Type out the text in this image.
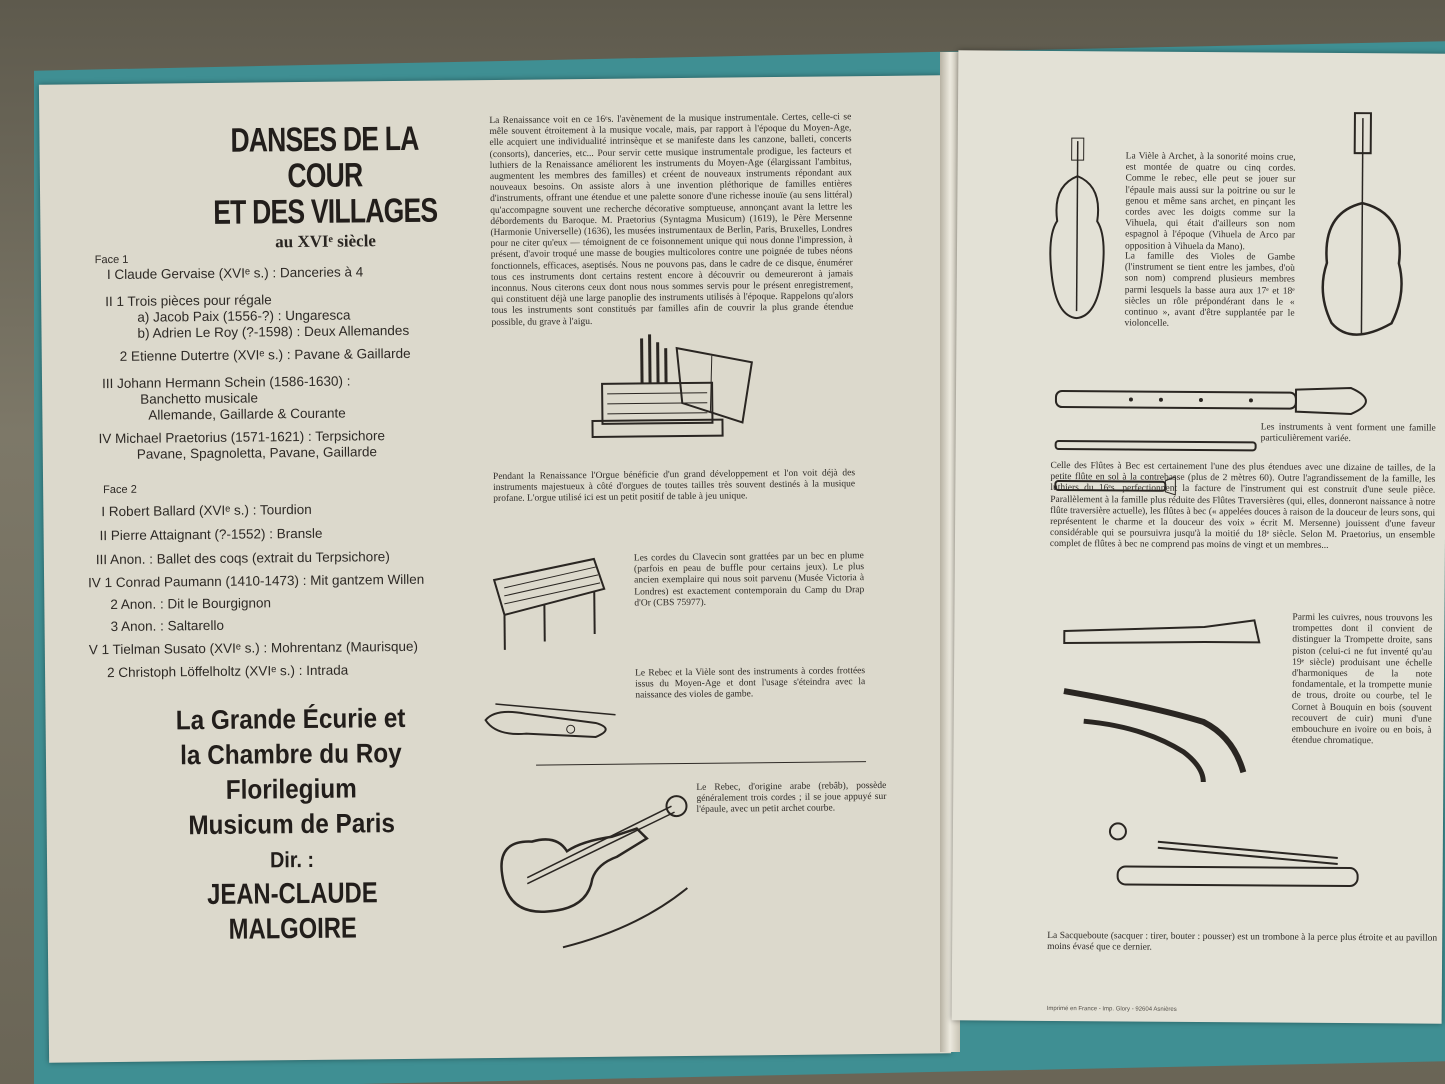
DANSES DE LA COUR
ET DES VILLAGES
au XVIᵉ siècle
Face 1
I Claude Gervaise (XVIᵉ s.) : Danceries à 4
II 1 Trois pièces pour régale
a) Jacob Paix (1556-?) : Ungaresca
b) Adrien Le Roy (?-1598) : Deux Allemandes
2 Etienne Dutertre (XVIᵉ s.) : Pavane & Gaillarde
III Johann Hermann Schein (1586-1630) :
Banchetto musicale
Allemande, Gaillarde & Courante
IV Michael Praetorius (1571-1621) : Terpsichore
Pavane, Spagnoletta, Pavane, Gaillarde
Face 2
I Robert Ballard (XVIᵉ s.) : Tourdion
II Pierre Attaignant (?-1552) : Bransle
III Anon. : Ballet des coqs (extrait du Terpsichore)
IV 1 Conrad Paumann (1410-1473) : Mit gantzem Willen
2 Anon. : Dit le Bourgignon
3 Anon. : Saltarello
V 1 Tielman Susato (XVIᵉ s.) : Mohrentanz (Maurisque)
2 Christoph Löffelholtz (XVIᵉ s.) : Intrada
La Grande Écurie et
la Chambre du Roy
Florilegium
Musicum de Paris
Dir. :
JEAN-CLAUDE MALGOIRE
La Renaissance voit en ce 16ᵉs. l'avènement de la musique instrumentale. Certes, celle-ci se mêle souvent étroitement à la musique vocale, mais, par rapport à l'époque du Moyen-Age, elle acquiert une individualité intrinsèque et se manifeste dans les canzone, balleti, concerts (consorts), danceries, etc... Pour servir cette musique instrumentale prodigue, les facteurs et luthiers de la Renaissance améliorent les instruments du Moyen-Age (élargissant l'ambitus, augmentent les membres des familles) et créent de nouveaux instruments répondant aux nouveaux besoins. On assiste alors à une invention pléthorique de familles entières d'instruments, offrant une étendue et une palette sonore d'une richesse inouïe (au sens littéral) qu'accompagne souvent une recherche décorative somptueuse, annonçant avant la lettre les débordements du Baroque. M. Praetorius (Syntagma Musicum) (1619), le Père Mersenne (Harmonie Universelle) (1636), les musées instrumentaux de Berlin, Paris, Bruxelles, Londres pour ne citer qu'eux — témoignent de ce foisonnement unique qui nous donne l'impression, à présent, d'avoir troqué une masse de bougies multicolores contre une poignée de tubes néons fonctionnels, efficaces, aseptisés. Nous ne pouvons pas, dans le cadre de ce disque, énumérer tous ces instruments dont certains restent encore à découvrir ou demeureront à jamais inconnus. Nous citerons ceux dont nous nous sommes servis pour le présent enregistrement, qui constituent déjà une large panoplie des instruments utilisés à l'époque. Rappelons qu'alors tous les instruments sont constitués par familles afin de couvrir la plus grande étendue possible, du grave à l'aigu.
Pendant la Renaissance l'Orgue bénéficie d'un grand développement et l'on voit déjà des instruments majestueux à côté d'orgues de toutes tailles très souvent destinés à la musique profane. L'orgue utilisé ici est un petit positif de table à jeu unique.
Les cordes du Clavecin sont grattées par un bec en plume (parfois en peau de buffle pour certains jeux). Le plus ancien exemplaire qui nous soit parvenu (Musée Victoria à Londres) est exactement contemporain du Camp du Drap d'Or (CBS 75977).
Le Rebec et la Vièle sont des instruments à cordes frottées issus du Moyen-Age et dont l'usage s'éteindra avec la naissance des violes de gambe.
Le Rebec, d'origine arabe (rebâb), possède généralement trois cordes ; il se joue appuyé sur l'épaule, avec un petit archet courbe.
La Vièle à Archet, à la sonorité moins crue, est montée de quatre ou cinq cordes. Comme le rebec, elle peut se jouer sur l'épaule mais aussi sur la poitrine ou sur le genou et même sans archet, en pinçant les cordes avec les doigts comme sur la Vihuela, qui était d'ailleurs son nom espagnol à l'époque (Vihuela de Arco par opposition à Vihuela da Mano).
La famille des Violes de Gambe (l'instrument se tient entre les jambes, d'où son nom) comprend plusieurs membres parmi lesquels la basse aura aux 17ᵉ et 18ᵉ siècles un rôle prépondérant dans le « continuo », avant d'être supplantée par le violoncelle.
Les instruments à vent forment une famille particulièrement variée.
Celle des Flûtes à Bec est certainement l'une des plus étendues avec une dizaine de tailles, de la petite flûte en sol à la contrebasse (plus de 2 mètres 60). Outre l'agrandissement de la famille, les luthiers du 16ᵉs. perfectionnent la facture de l'instrument qui est construit d'une seule pièce. Parallèlement à la famille plus réduite des Flûtes Traversières (qui, elles, donneront naissance à notre flûte traversière actuelle), les flûtes à bec (« appelées douces à raison de la douceur de leurs sons, qui représentent le charme et la douceur des voix » écrit M. Mersenne) jouissent d'une faveur considérable qui se poursuivra jusqu'à la moitié du 18ᵉ siècle. Selon M. Praetorius, un ensemble complet de flûtes à bec ne comprend pas moins de vingt et un membres...
Parmi les cuivres, nous trouvons les trompettes dont il convient de distinguer la Trompette droite, sans piston (celui-ci ne fut inventé qu'au 19ᵉ siècle) produisant une échelle d'harmoniques de la note fondamentale, et la trompette munie de trous, droite ou courbe, tel le Cornet à Bouquin en bois (souvent recouvert de cuir) muni d'une embouchure en ivoire ou en bois, à étendue chromatique.
La Sacqueboute (sacquer : tirer, bouter : pousser) est un trombone à la perce plus étroite et au pavillon moins évasé que ce dernier.
Imprimé en France - Imp. Glory - 92604 Asnières
